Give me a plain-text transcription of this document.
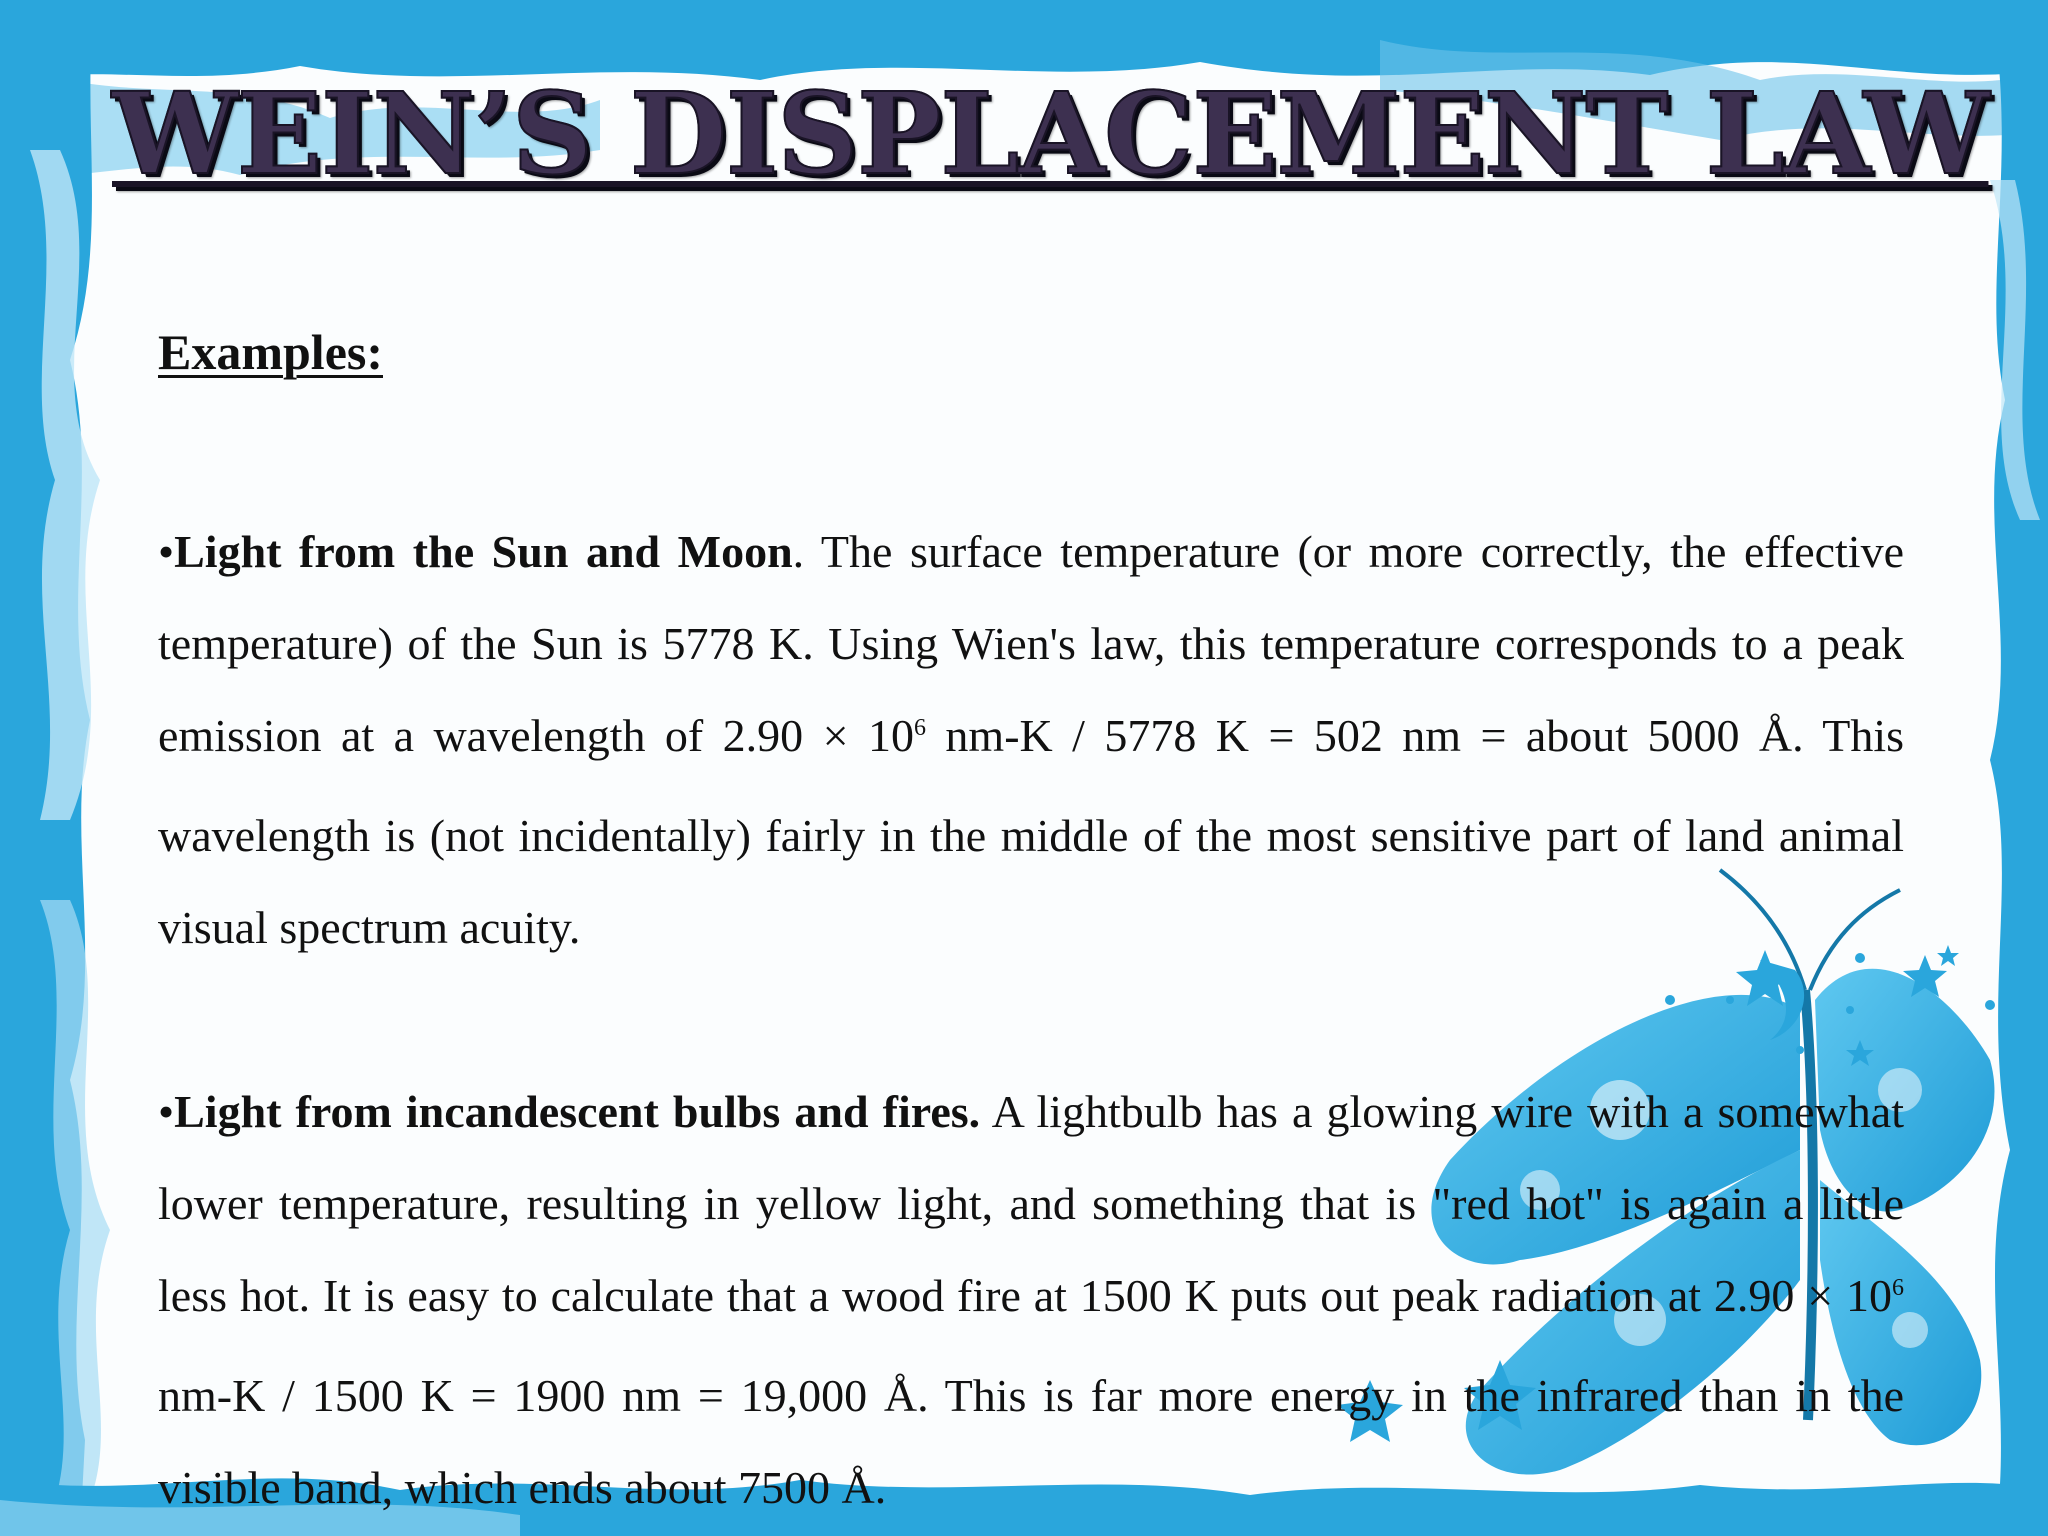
WEIN’S DISPLACEMENT LAW

Examples:

•Light from the Sun and Moon. The surface temperature (or more correctly, the effective temperature) of the Sun is 5778 K. Using Wien's law, this temperature corresponds to a peak emission at a wavelength of $2.90 \times 10^6$ nm-K / 5778 K = 502 nm = about 5000 Å. This wavelength is (not incidentally) fairly in the middle of the most sensitive part of land animal visual spectrum acuity.

•Light from incandescent bulbs and fires. A lightbulb has a glowing wire with a somewhat lower temperature, resulting in yellow light, and something that is "red hot" is again a little less hot. It is easy to calculate that a wood fire at 1500 K puts out peak radiation at $2.90 \times 10^6$ nm-K / 1500 K = 1900 nm = 19,000 Å. This is far more energy in the infrared than in the visible band, which ends about 7500 Å.
